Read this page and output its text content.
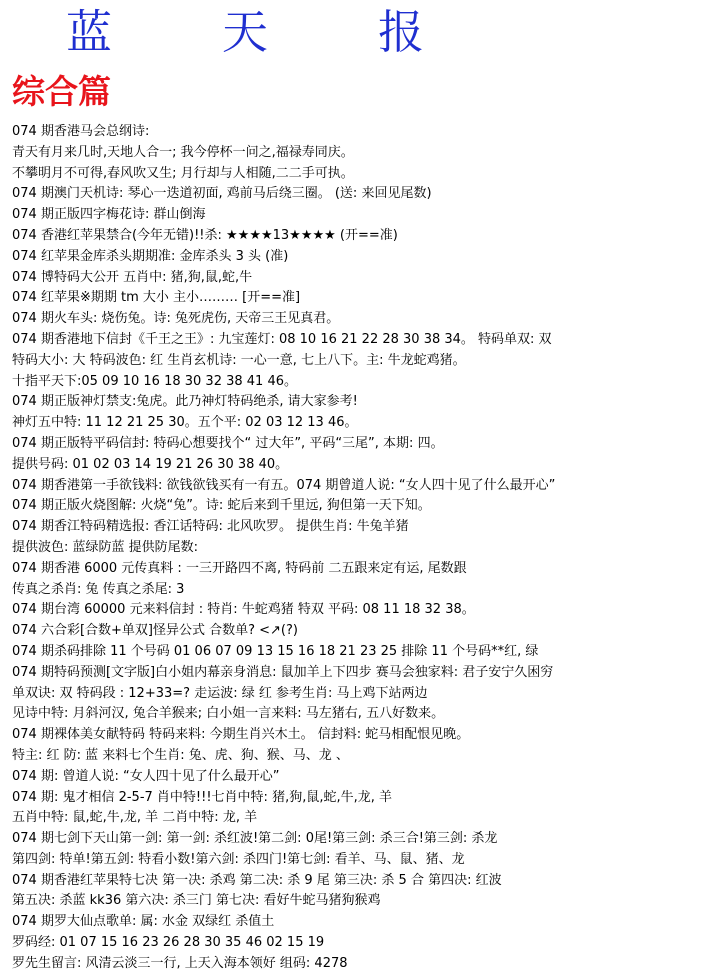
蓝 天 报
综合篇
074 期香港马会总纲诗:
青天有月来几时,天地人合一; 我今停杯一问之,福禄寿同庆。
不攀明月不可得,春风吹又生; 月行却与人相随,二二手可执。
074 期澳门天机诗: 琴心一迭道初面, 鸡前马后绕三圈。 (送: 来回见尾数)
074 期正版四字梅花诗: 群山倒海
074 香港红苹果禁合(今年无错)!!杀: ★★★★13★★★★ (开==准)
074 红苹果金库杀头期期准: 金库杀头 3 头 (准)
074 博特码大公开 五肖中: 猪,狗,鼠,蛇,牛
074 红苹果※期期 tm 大小 主小……… [开==准]
074 期火车头: 烧伤兔。诗: 兔死虎伤, 天帝三王见真君。
074 期香港地下信封《千王之王》: 九宝莲灯: 08 10 16 21 22 28 30 38 34。 特码单双: 双
特码大小: 大 特码波色: 红 生肖玄机诗: 一心一意, 七上八下。主: 牛龙蛇鸡猪。
十指平天下:05 09 10 16 18 30 32 38 41 46。
074 期正版神灯禁支:兔虎。此乃神灯特码绝杀, 请大家参考!
神灯五中特: 11 12 21 25 30。五个平: 02 03 12 13 46。
074 期正版特平码信封: 特码心想要找个“ 过大年”, 平码“三尾”, 本期: 四。
提供号码: 01 02 03 14 19 21 26 30 38 40。
074 期香港第一手欲钱料: 欲钱欲钱买有一有五。074 期曾道人说: “女人四十见了什么最开心”
074 期正版火烧图解: 火烧“兔”。诗: 蛇后来到千里远, 狗但第一天下知。
074 期香江特码精选报: 香江话特码: 北风吹罗。 提供生肖: 牛兔羊猪
提供波色: 蓝绿防蓝 提供防尾数:
074 期香港 6000 元传真料 : 一三开路四不离, 特码前 二五跟来定有运, 尾数跟
传真之杀肖: 兔 传真之杀尾: 3
074 期台湾 60000 元来料信封 : 特肖: 牛蛇鸡猪 特双 平码: 08 11 18 32 38。
074 六合彩[合数+单双]怪异公式 合数单? <↗(?)
074 期杀码排除 11 个号码 01 06 07 09 13 15 16 18 21 23 25 排除 11 个号码**红, 绿
074 期特码预测[文字版]白小姐内幕亲身消息: 鼠加羊上下四步 赛马会独家料: 君子安宁久困穷
单双诀: 双 特码段 : 12+33=? 走运波: 绿 红 参考生肖: 马上鸡下站两边
见诗中特: 月斜河汉, 兔合羊猴来; 白小姐一言来料: 马左猪右, 五八好数来。
074 期裸体美女献特码 特码来料: 今期生肖兴木土。 信封料: 蛇马相配恨见晚。
特主: 红 防: 蓝 来料七个生肖: 兔、虎、狗、猴、马、龙 、
074 期: 曾道人说: “女人四十见了什么最开心”
074 期: 鬼才相信 2-5-7 肖中特!!!七肖中特: 猪,狗,鼠,蛇,牛,龙, 羊
五肖中特: 鼠,蛇,牛,龙, 羊 二肖中特: 龙, 羊
074 期七剑下天山第一剑: 第一剑: 杀红波!第二剑: 0尾!第三剑: 杀三合!第三剑: 杀龙
第四剑: 特单!第五剑: 特看小数!第六剑: 杀四门!第七剑: 看羊、马、鼠、猪、龙
074 期香港红苹果特七决 第一决: 杀鸡 第二决: 杀 9 尾 第三决: 杀 5 合 第四决: 红波
第五决: 杀蓝 kk36 第六决: 杀三门 第七决: 看好牛蛇马猪狗猴鸡
074 期罗大仙点歌单: 属: 水金 双绿红 杀值土
罗码经: 01 07 15 16 23 26 28 30 35 46 02 15 19
罗先生留言: 风清云淡三一行, 上天入海本领好 组码: 4278
